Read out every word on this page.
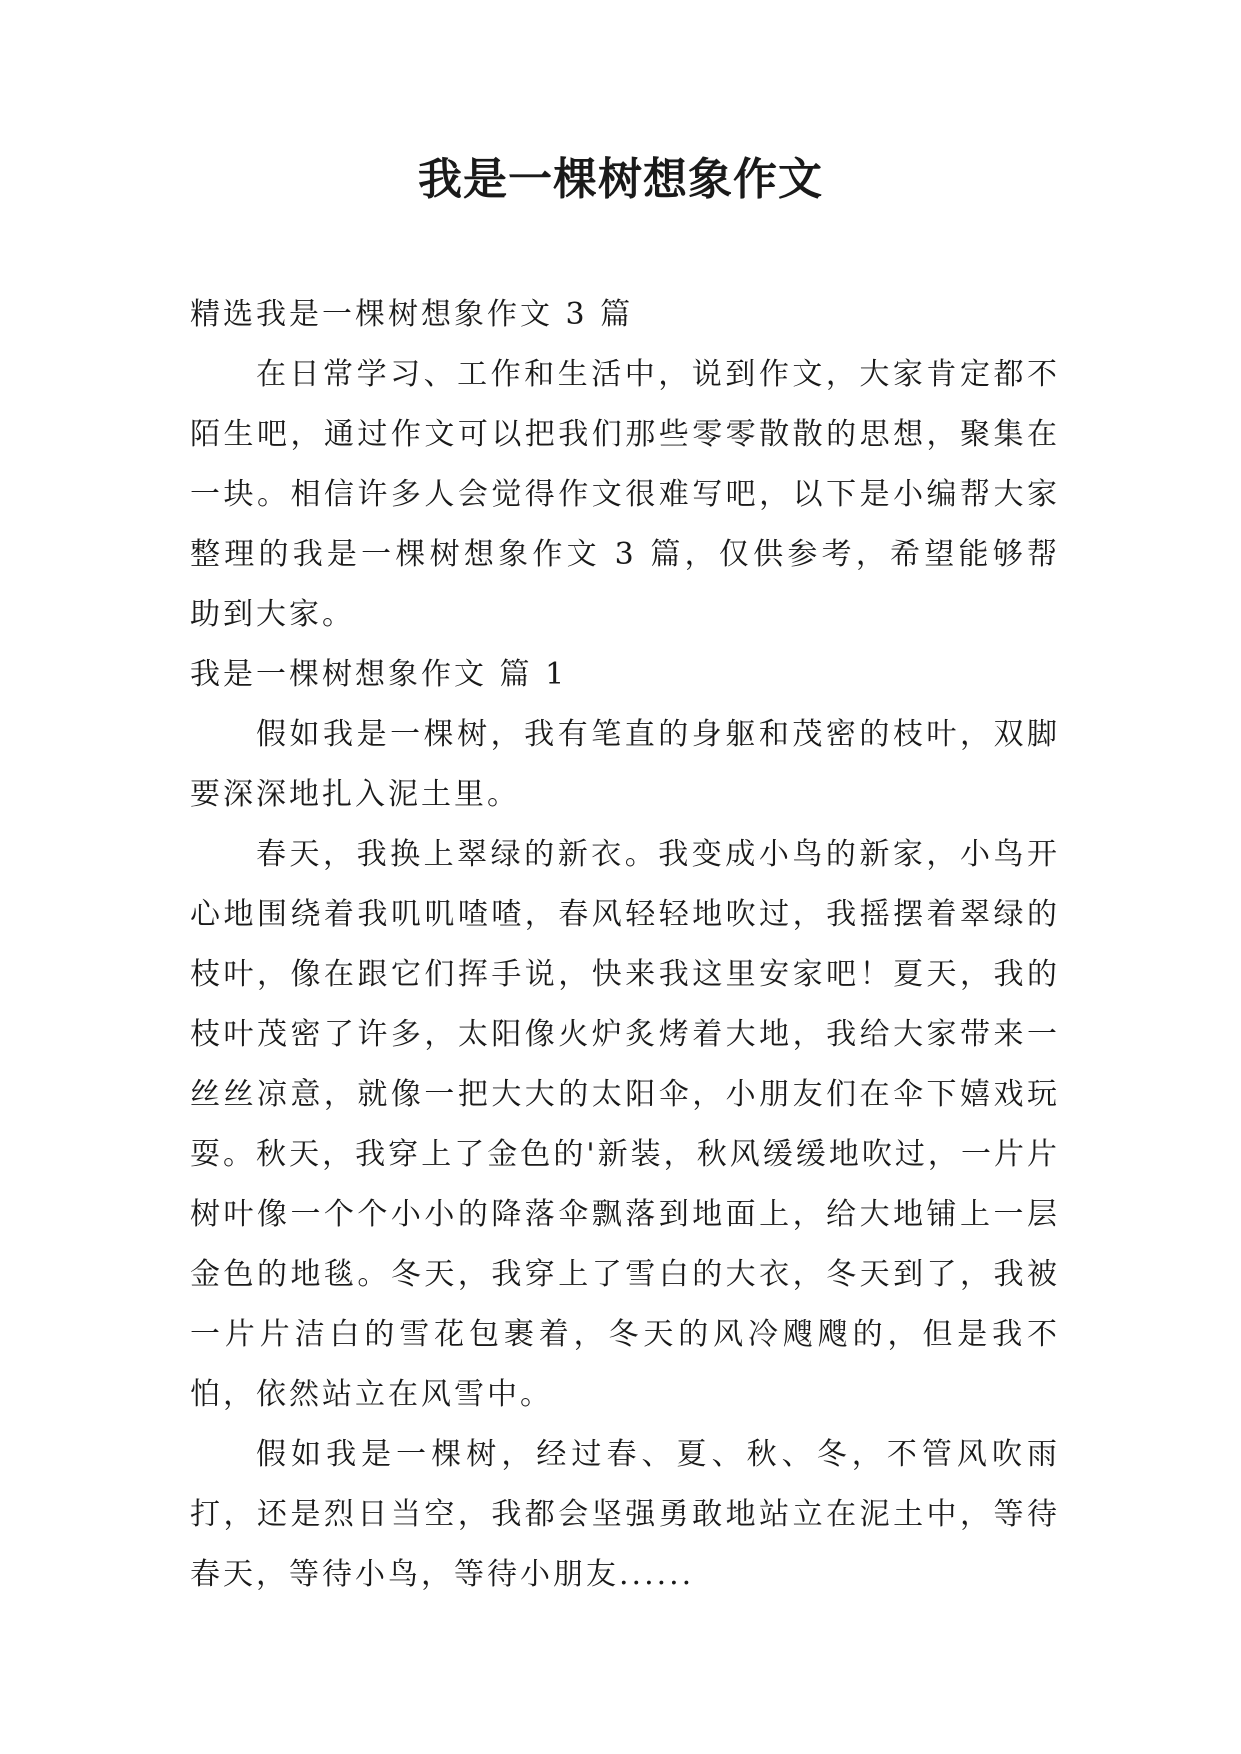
我是一棵树想象作文

精选我是一棵树想象作文 3 篇

在日常学习、工作和生活中，说到作文，大家肯定都不陌生吧，通过作文可以把我们那些零零散散的思想，聚集在一块。相信许多人会觉得作文很难写吧，以下是小编帮大家整理的我是一棵树想象作文 3 篇，仅供参考，希望能够帮助到大家。

我是一棵树想象作文 篇 1

假如我是一棵树，我有笔直的身躯和茂密的枝叶，双脚要深深地扎入泥土里。

春天，我换上翠绿的新衣。我变成小鸟的新家，小鸟开心地围绕着我叽叽喳喳，春风轻轻地吹过，我摇摆着翠绿的枝叶，像在跟它们挥手说，快来我这里安家吧！夏天，我的枝叶茂密了许多，太阳像火炉炙烤着大地，我给大家带来一丝丝凉意，就像一把大大的太阳伞，小朋友们在伞下嬉戏玩耍。秋天，我穿上了金色的'新装，秋风缓缓地吹过，一片片树叶像一个个小小的降落伞飘落到地面上，给大地铺上一层金色的地毯。冬天，我穿上了雪白的大衣，冬天到了，我被一片片洁白的雪花包裹着，冬天的风冷飕飕的，但是我不怕，依然站立在风雪中。

假如我是一棵树，经过春、夏、秋、冬，不管风吹雨打，还是烈日当空，我都会坚强勇敢地站立在泥土中，等待春天，等待小鸟，等待小朋友......
